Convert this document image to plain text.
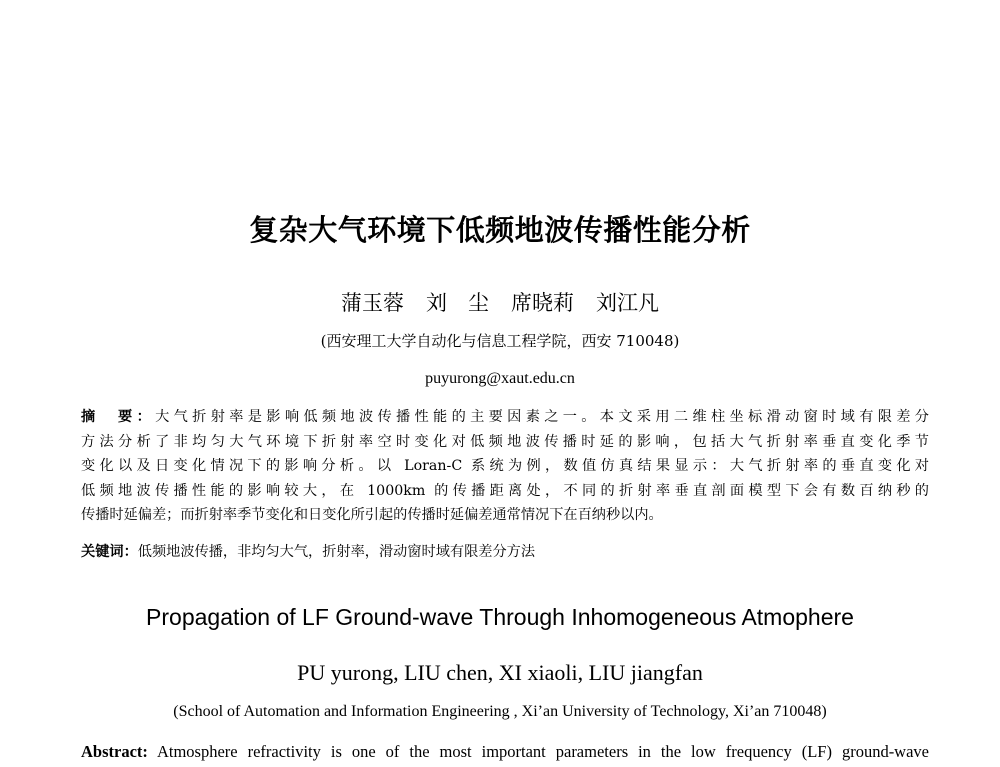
复杂大气环境下低频地波传播性能分析
蒲玉蓉 刘　尘 席晓莉 刘江凡
(西安理工大学自动化与信息工程学院，西安 710048)
puyurong@xaut.edu.cn
摘　要：大气折射率是影响低频地波传播性能的主要因素之一。本文采用二维柱坐标滑动窗时域有限差分
方法分析了非均匀大气环境下折射率空时变化对低频地波传播时延的影响，包括大气折射率垂直变化季节
变化以及日变化情况下的影响分析。以 Loran-C 系统为例，数值仿真结果显示：大气折射率的垂直变化对
低频地波传播性能的影响较大，在 1000km 的传播距离处，不同的折射率垂直剖面模型下会有数百纳秒的
传播时延偏差；而折射率季节变化和日变化所引起的传播时延偏差通常情况下在百纳秒以内。
关键词：低频地波传播，非均匀大气，折射率，滑动窗时域有限差分方法
Propagation of LF Ground-wave Through Inhomogeneous Atmophere
PU yurong, LIU chen, XI xiaoli, LIU jiangfan
(School of Automation and Information Engineering , Xi’an University of Technology, Xi’an 710048)
Abstract: Atmosphere refractivity is one of the most important parameters in the low frequency (LF) ground-wave
